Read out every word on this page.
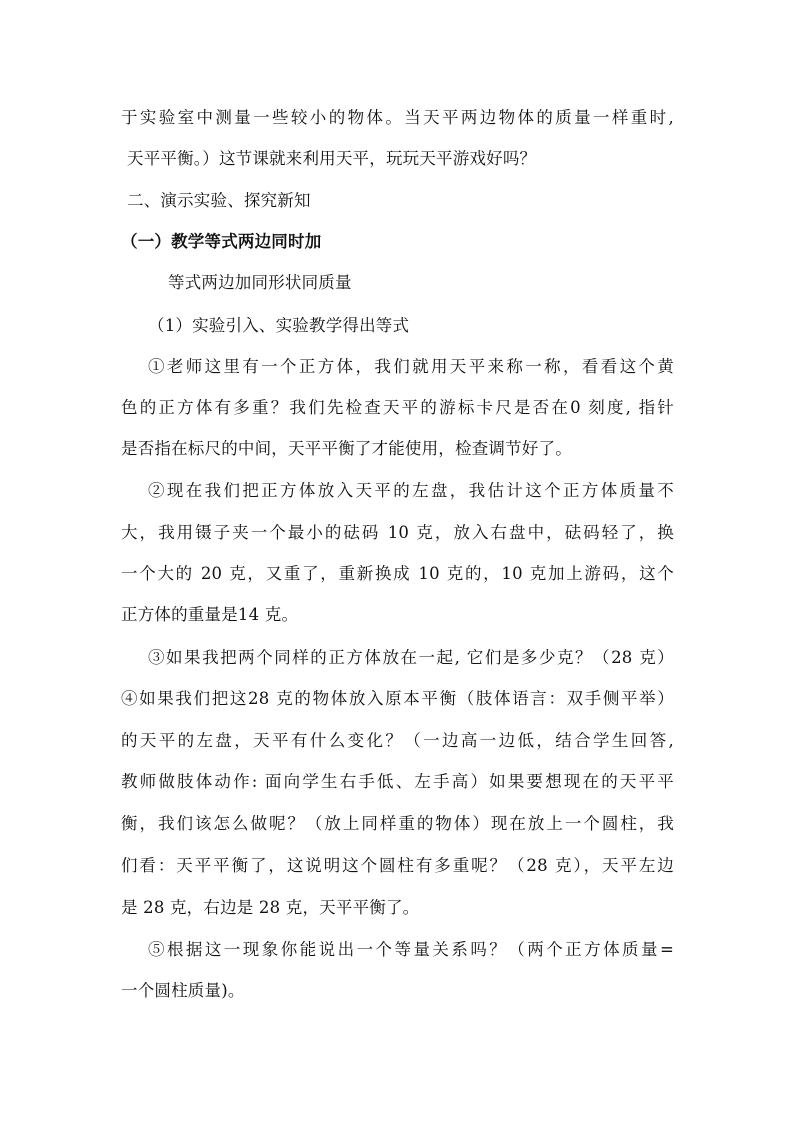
于实验室中测量一些较小的物体。当天平两边物体的质量一样重时,
天平平衡。）这节课就来利用天平，玩玩天平游戏好吗？
二、演示实验、探究新知
（一）教学等式两边同时加
等式两边加同形状同质量
（1）实验引入、实验教学得出等式
①老师这里有一个正方体，我们就用天平来称一称，看看这个黄
色的正方体有多重？我们先检查天平的游标卡尺是否在0 刻度, 指针
是否指在标尺的中间，天平平衡了才能使用，检查调节好了。
②现在我们把正方体放入天平的左盘，我估计这个正方体质量不
大，我用镊子夹一个最小的砝码 10 克，放入右盘中，砝码轻了，换
一个大的 20 克，又重了，重新换成 10 克的，10 克加上游码，这个
正方体的重量是14 克。
③如果我把两个同样的正方体放在一起, 它们是多少克？（28 克）
④如果我们把这28 克的物体放入原本平衡（肢体语言：双手侧平举）
的天平的左盘，天平有什么变化？（一边高一边低，结合学生回答,
教师做肢体动作: 面向学生右手低、左手高）如果要想现在的天平平
衡，我们该怎么做呢？（放上同样重的物体）现在放上一个圆柱，我
们看：天平平衡了，这说明这个圆柱有多重呢？（28 克），天平左边
是 28 克，右边是 28 克，天平平衡了。
⑤根据这一现象你能说出一个等量关系吗？（两个正方体质量=
一个圆柱质量)。
